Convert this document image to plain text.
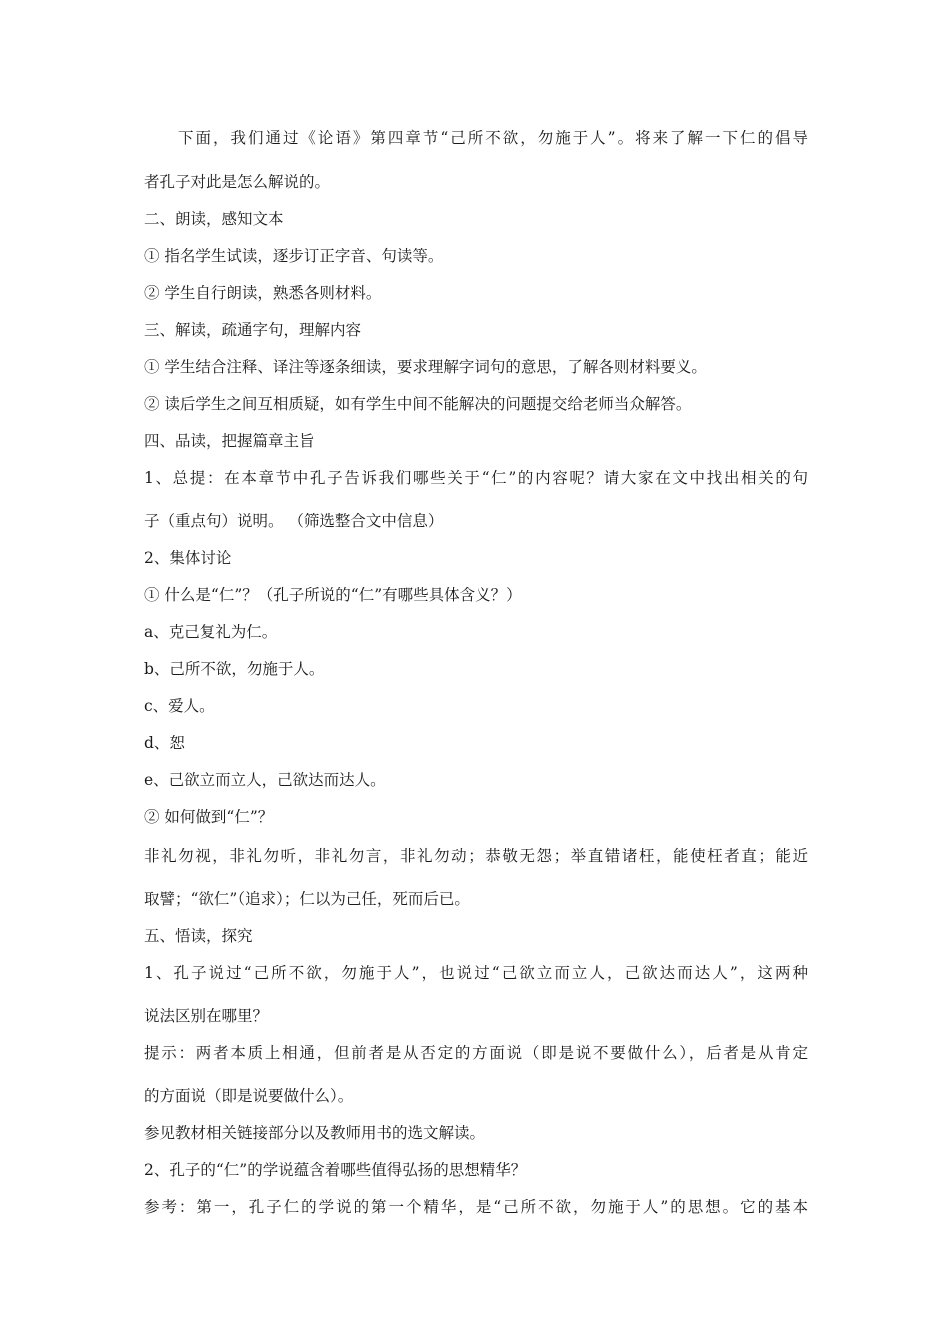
下面，我们通过《论语》第四章节“己所不欲，勿施于人”。将来了解一下仁的倡导
者孔子对此是怎么解说的。
二、朗读，感知文本
① 指名学生试读，逐步订正字音、句读等。
② 学生自行朗读，熟悉各则材料。
三、解读，疏通字句，理解内容
① 学生结合注释、译注等逐条细读，要求理解字词句的意思，了解各则材料要义。
② 读后学生之间互相质疑，如有学生中间不能解决的问题提交给老师当众解答。
四、品读，把握篇章主旨
1、总提：在本章节中孔子告诉我们哪些关于“仁”的内容呢？请大家在文中找出相关的句
子（重点句）说明。 （筛选整合文中信息）
2、集体讨论
① 什么是“仁”？（孔子所说的“仁”有哪些具体含义？）
a、克己复礼为仁。
b、己所不欲，勿施于人。
c、爱人。
d、恕
e、己欲立而立人，己欲达而达人。
② 如何做到“仁”？
非礼勿视，非礼勿听，非礼勿言，非礼勿动；恭敬无怨；举直错诸枉，能使枉者直；能近
取譬；“欲仁”（追求）；仁以为己任，死而后已。
五、悟读，探究
1、孔子说过“己所不欲，勿施于人”，也说过“己欲立而立人，己欲达而达人”，这两种
说法区别在哪里？
提示：两者本质上相通，但前者是从否定的方面说（即是说不要做什么），后者是从肯定
的方面说（即是说要做什么）。
参见教材相关链接部分以及教师用书的选文解读。
2、孔子的“仁”的学说蕴含着哪些值得弘扬的思想精华？
参考：第一，孔子仁的学说的第一个精华，是“己所不欲，勿施于人”的思想。它的基本
